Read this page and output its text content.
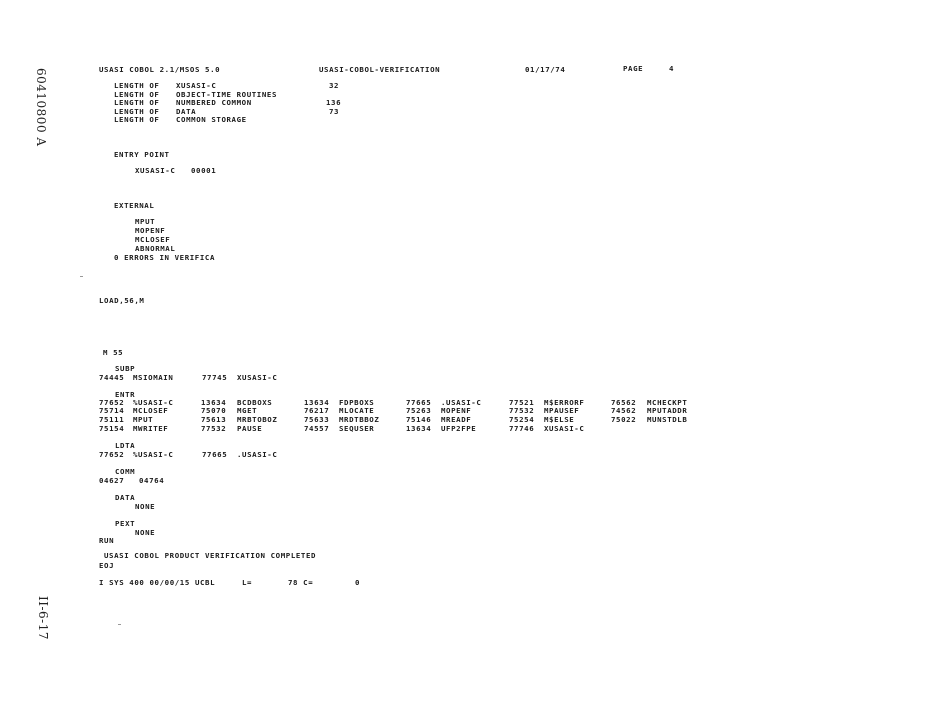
60410800 A
II-6-17
USASI COBOL 2.1/MSOS 5.0	USASI-COBOL-VERIFICATION	01/17/74	PAGE	4
LENGTH OF XUSASI-C	32
LENGTH OF OBJECT-TIME ROUTINES
LENGTH OF NUMBERED COMMON	136
LENGTH OF DATA	73
LENGTH OF COMMON STORAGE
ENTRY POINT
XUSASI-C 00001
EXTERNAL
MPUT
MOPENF
MCLOSEF
ABNORMAL
0 ERRORS IN VERIFICA
LOAD,56,M
M 55
SUBP
74445 MSIOMAIN	77745 XUSASI-C
ENTR
77652 %USASI-C	13634 BCDBOXS	13634 FDPBOXS	77665 .USASI-C	77521 M$ERRORF	76562 MCHECKPT
75714 MCLOSEF	75070 MGET	76217 MLOCATE	75263 MOPENF	77532 MPAUSEF	74562 MPUTADDR
75111 MPUT	75613 MRBTOBOZ	75633 MRDTBBOZ	75146 MREADF	75254 M$ELSE	75022 MUNSTDLB
75154 MWRITEF	77532 PAUSE	74557 SEQUSER	13634 UFP2FPE	77746 XUSASI-C
LDTA
77652 %USASI-C	77665 .USASI-C
COMM
04627 04764
DATA
NONE
PEXT
NONE
RUN
USASI COBOL PRODUCT VERIFICATION COMPLETED
EOJ
I SYS 400 00/00/15 UCBL	L=	78 C=	0
